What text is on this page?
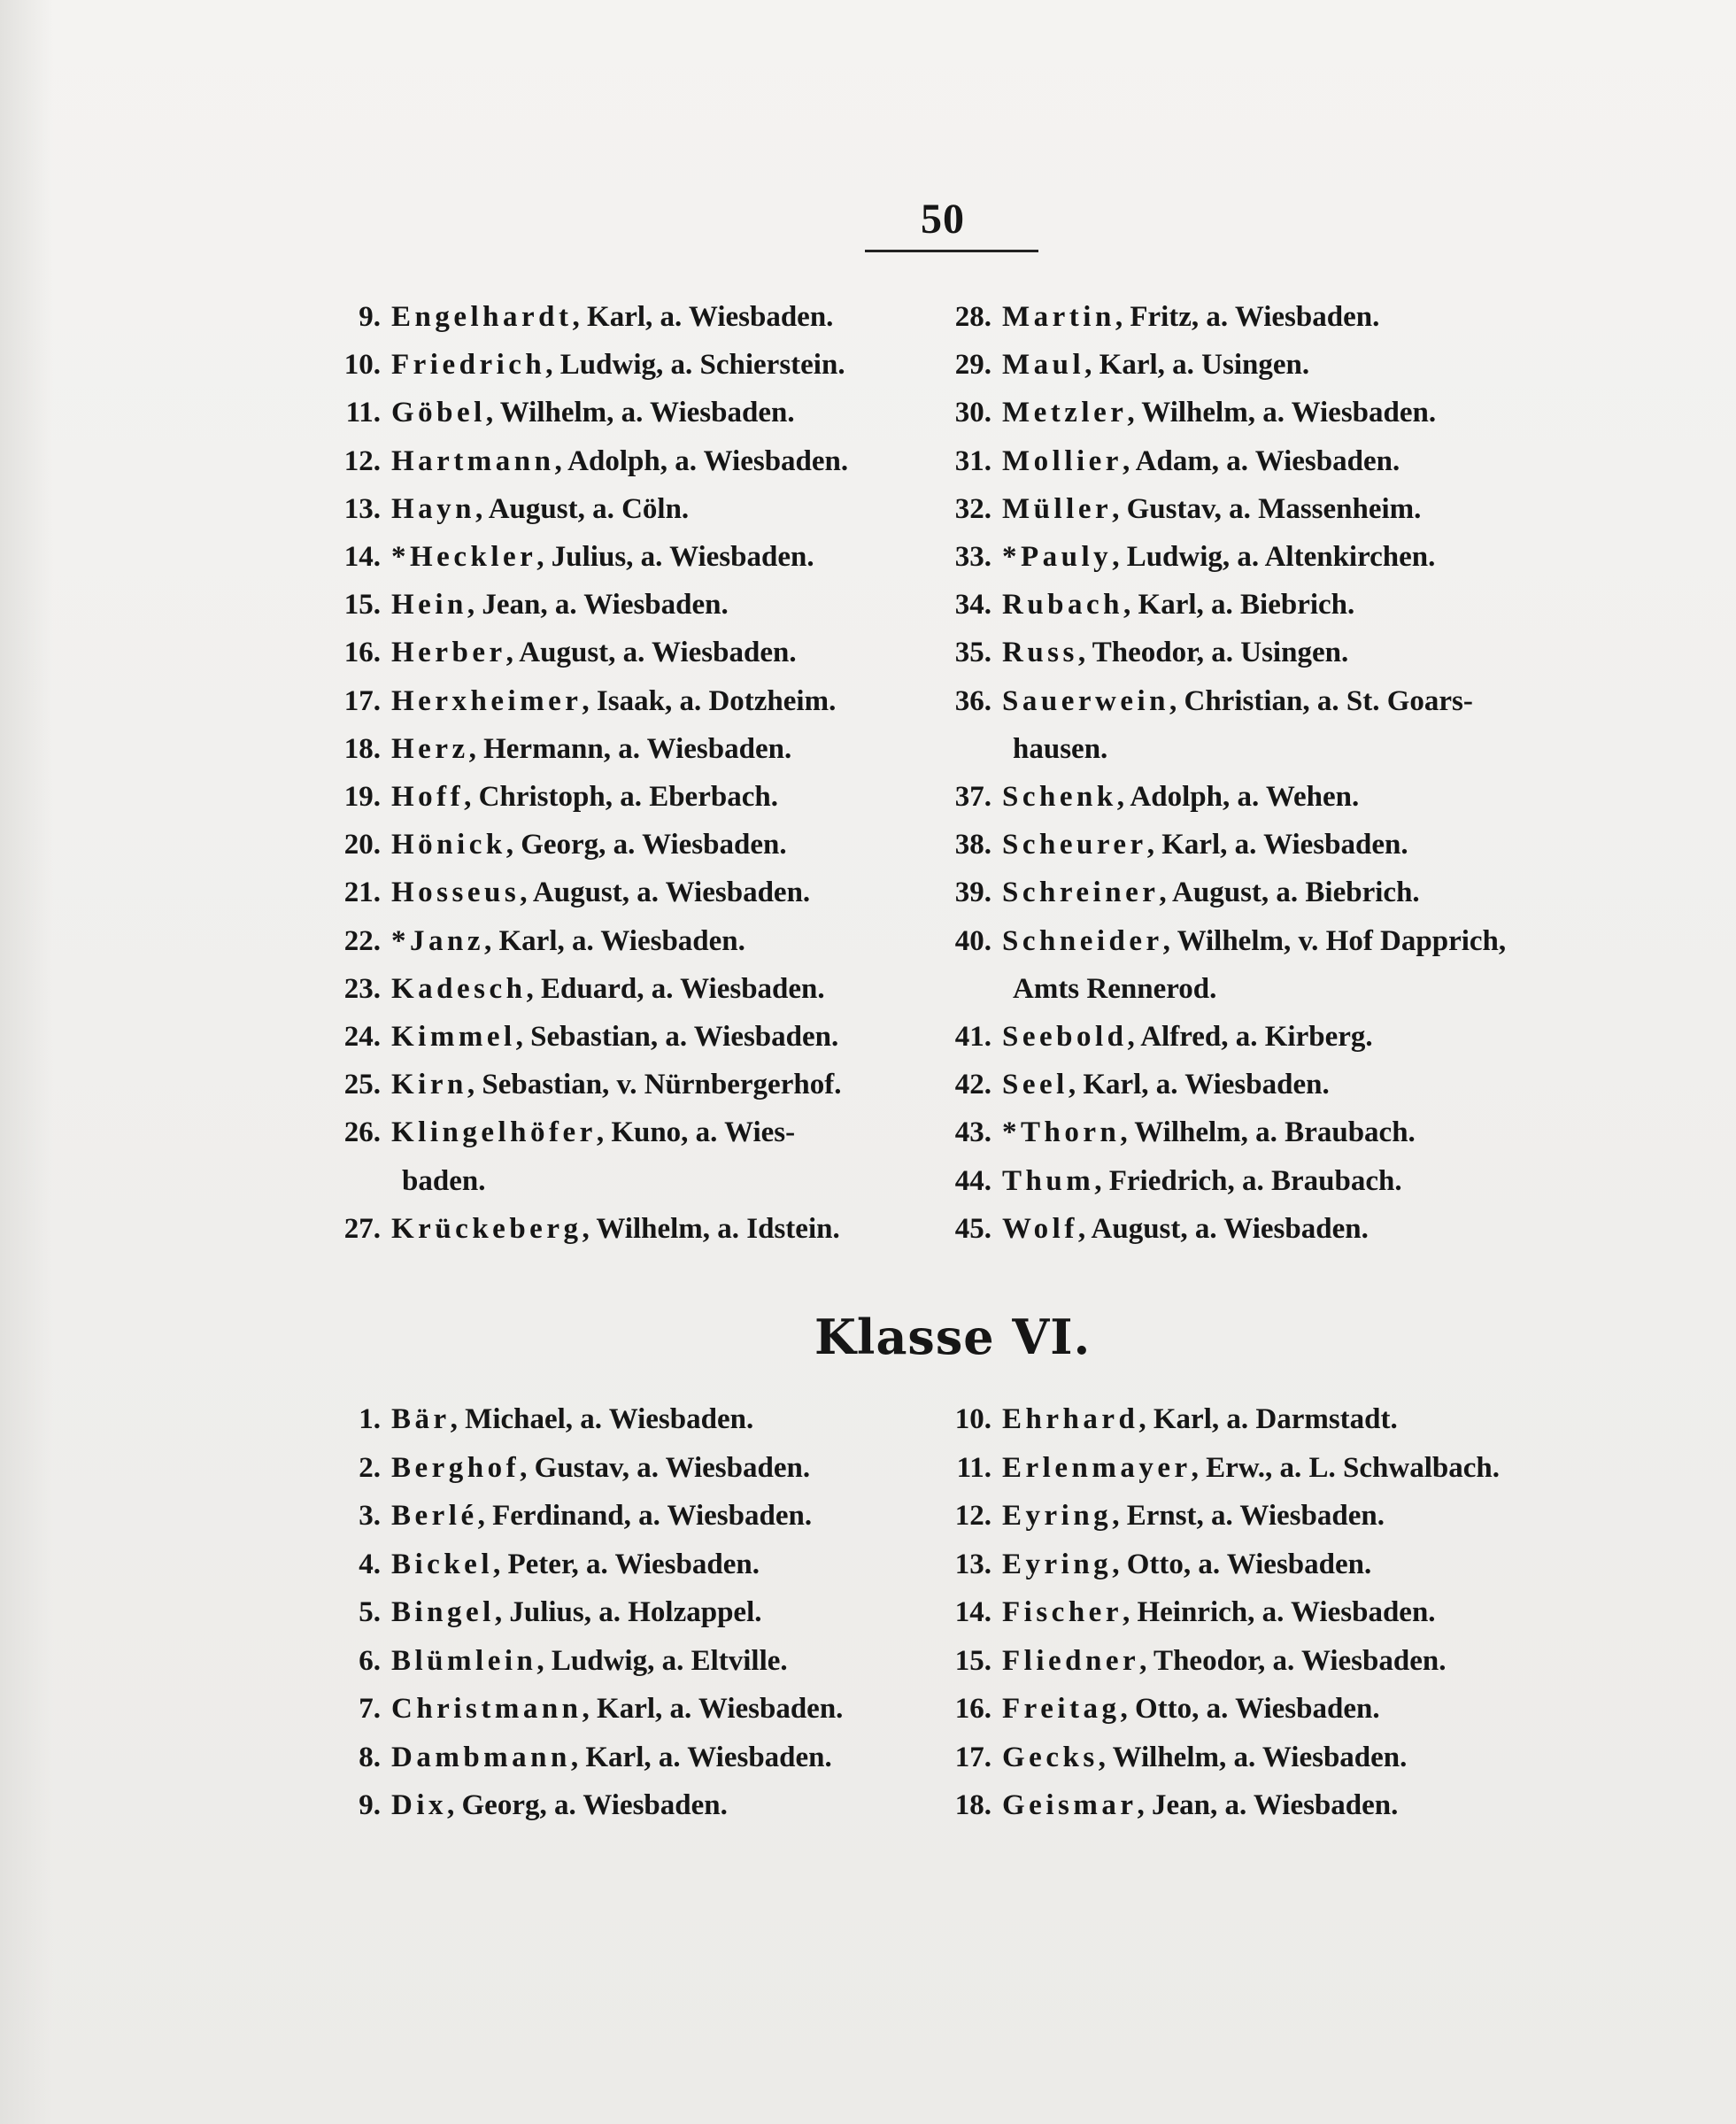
50
9. Engelhardt, Karl, a. Wiesbaden.
10. Friedrich, Ludwig, a. Schierstein.
11. Göbel, Wilhelm, a. Wiesbaden.
12. Hartmann, Adolph, a. Wiesbaden.
13. Hayn, August, a. Cöln.
14. *Heckler, Julius, a. Wiesbaden.
15. Hein, Jean, a. Wiesbaden.
16. Herber, August, a. Wiesbaden.
17. Herxheimer, Isaak, a. Dotzheim.
18. Herz, Hermann, a. Wiesbaden.
19. Hoff, Christoph, a. Eberbach.
20. Hönick, Georg, a. Wiesbaden.
21. Hosseus, August, a. Wiesbaden.
22. *Janz, Karl, a. Wiesbaden.
23. Kadesch, Eduard, a. Wiesbaden.
24. Kimmel, Sebastian, a. Wiesbaden.
25. Kirn, Sebastian, v. Nürnbergerhof.
26. Klingelhöfer, Kuno, a. Wies-
baden.
27. Krückeberg, Wilhelm, a. Idstein.
28. Martin, Fritz, a. Wiesbaden.
29. Maul, Karl, a. Usingen.
30. Metzler, Wilhelm, a. Wiesbaden.
31. Mollier, Adam, a. Wiesbaden.
32. Müller, Gustav, a. Massenheim.
33. *Pauly, Ludwig, a. Altenkirchen.
34. Rubach, Karl, a. Biebrich.
35. Russ, Theodor, a. Usingen.
36. Sauerwein, Christian, a. St. Goars-
hausen.
37. Schenk, Adolph, a. Wehen.
38. Scheurer, Karl, a. Wiesbaden.
39. Schreiner, August, a. Biebrich.
40. Schneider, Wilhelm, v. Hof Dapprich,
Amts Rennerod.
41. Seebold, Alfred, a. Kirberg.
42. Seel, Karl, a. Wiesbaden.
43. *Thorn, Wilhelm, a. Braubach.
44. Thum, Friedrich, a. Braubach.
45. Wolf, August, a. Wiesbaden.
Klasse VI.
1. Bär, Michael, a. Wiesbaden.
2. Berghof, Gustav, a. Wiesbaden.
3. Berlé, Ferdinand, a. Wiesbaden.
4. Bickel, Peter, a. Wiesbaden.
5. Bingel, Julius, a. Holzappel.
6. Blümlein, Ludwig, a. Eltville.
7. Christmann, Karl, a. Wiesbaden.
8. Dambmann, Karl, a. Wiesbaden.
9. Dix, Georg, a. Wiesbaden.
10. Ehrhard, Karl, a. Darmstadt.
11. Erlenmayer, Erw., a. L. Schwalbach.
12. Eyring, Ernst, a. Wiesbaden.
13. Eyring, Otto, a. Wiesbaden.
14. Fischer, Heinrich, a. Wiesbaden.
15. Fliedner, Theodor, a. Wiesbaden.
16. Freitag, Otto, a. Wiesbaden.
17. Gecks, Wilhelm, a. Wiesbaden.
18. Geismar, Jean, a. Wiesbaden.
